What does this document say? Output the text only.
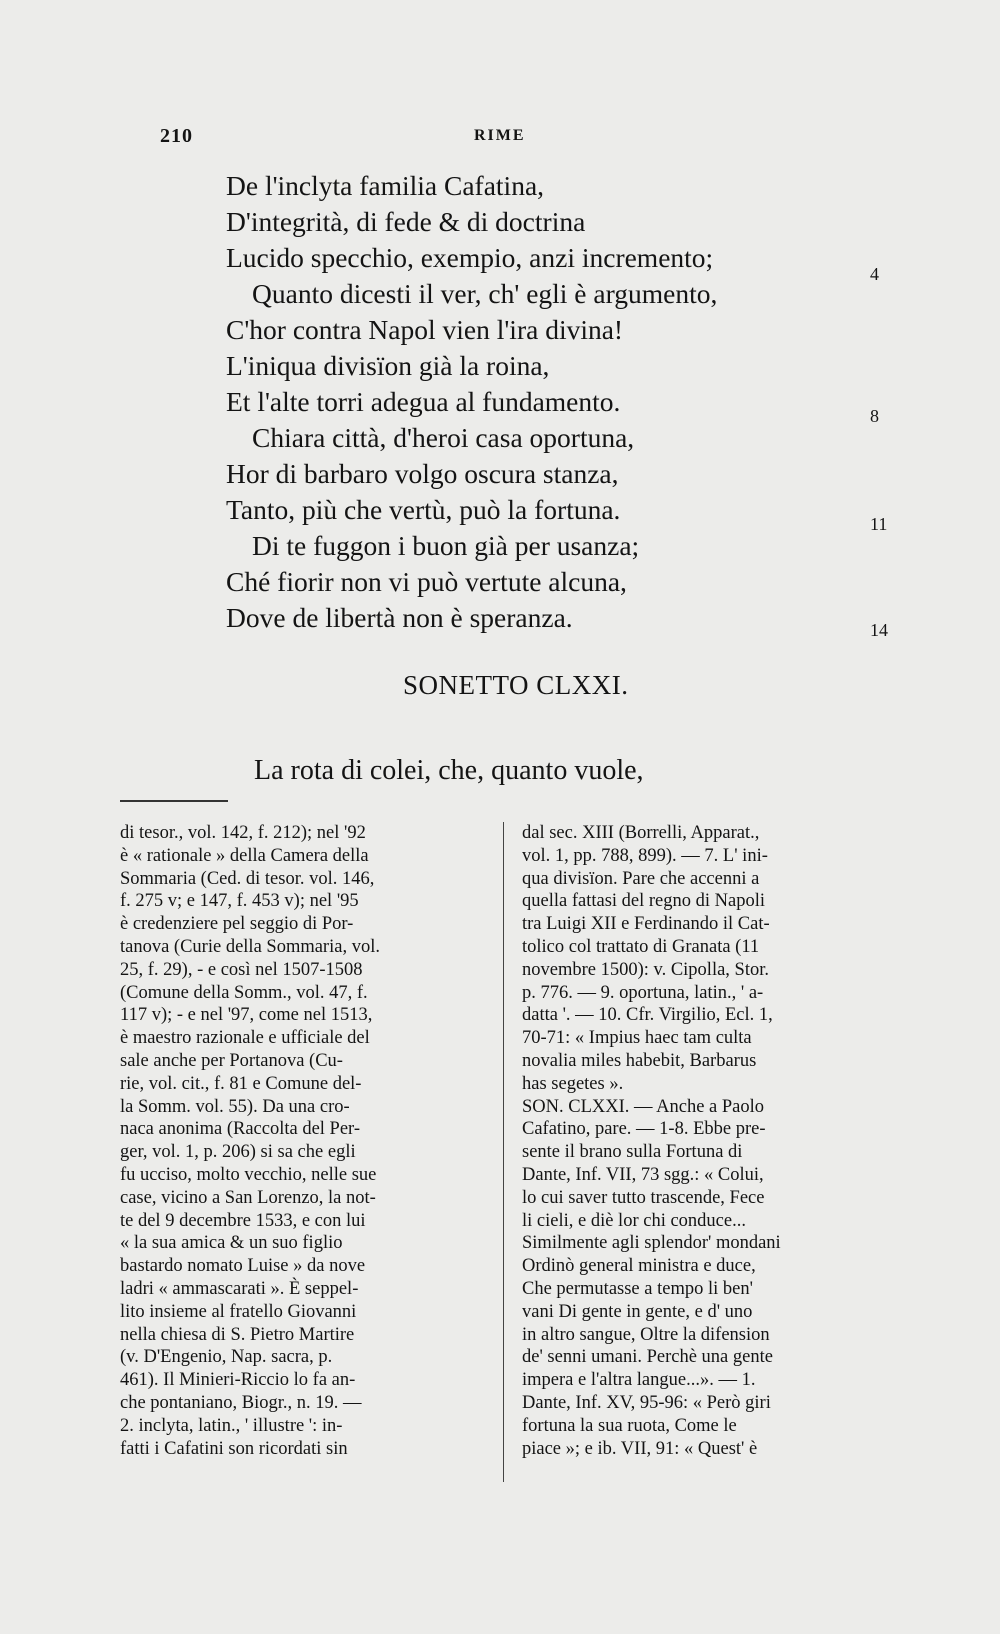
210	RIME
De l'inclyta familia Cafatina,
D'integrità, di fede & di doctrina
Lucido specchio, exempio, anzi incremento;
Quanto dicesti il ver, ch' egli è argumento,
C'hor contra Napol vien l'ira divina!
L'iniqua divisïon già la roina,
Et l'alte torri adegua al fundamento.
Chiara città, d'heroi casa oportuna,
Hor di barbaro volgo oscura stanza,
Tanto, più che vertù, può la fortuna.
Di te fuggon i buon già per usanza;
Ché fiorir non vi può vertute alcuna,
Dove de libertà non è speranza.
4
8
11
14
SONETTO CLXXI.
La rota di colei, che, quanto vuole,
di tesor., vol. 142, f. 212); nel '92
è « rationale » della Camera della
Sommaria (Ced. di tesor. vol. 146,
f. 275 v; e 147, f. 453 v); nel '95
è credenziere pel seggio di Por-
tanova (Curie della Sommaria, vol.
25, f. 29), - e così nel 1507-1508
(Comune della Somm., vol. 47, f.
117 v); - e nel '97, come nel 1513,
è maestro razionale e ufficiale del
sale anche per Portanova (Cu-
rie, vol. cit., f. 81 e Comune del-
la Somm. vol. 55). Da una cro-
naca anonima (Raccolta del Per-
ger, vol. 1, p. 206) si sa che egli
fu ucciso, molto vecchio, nelle sue
case, vicino a San Lorenzo, la not-
te del 9 decembre 1533, e con lui
« la sua amica & un suo figlio
bastardo nomato Luise » da nove
ladri « ammascarati ». È seppel-
lito insieme al fratello Giovanni
nella chiesa di S. Pietro Martire
(v. D'Engenio, Nap. sacra, p.
461). Il Minieri-Riccio lo fa an-
che pontaniano, Biogr., n. 19. —
2. inclyta, latin., ' illustre ': in-
fatti i Cafatini son ricordati sin
dal sec. XIII (Borrelli, Apparat.,
vol. 1, pp. 788, 899). — 7. L' ini-
qua divisïon. Pare che accenni a
quella fattasi del regno di Napoli
tra Luigi XII e Ferdinando il Cat-
tolico col trattato di Granata (11
novembre 1500): v. Cipolla, Stor.
p. 776. — 9. oportuna, latin., ' a-
datta '. — 10. Cfr. Virgilio, Ecl. 1,
70-71: « Impius haec tam culta
novalia miles habebit, Barbarus
has segetes ».
SON. CLXXI. — Anche a Paolo
Cafatino, pare. — 1-8. Ebbe pre-
sente il brano sulla Fortuna di
Dante, Inf. VII, 73 sgg.: « Colui,
lo cui saver tutto trascende, Fece
li cieli, e diè lor chi conduce...
Similmente agli splendor' mondani
Ordinò general ministra e duce,
Che permutasse a tempo li ben'
vani Di gente in gente, e d' uno
in altro sangue, Oltre la difension
de' senni umani. Perchè una gente
impera e l'altra langue...». — 1.
Dante, Inf. XV, 95-96: « Però giri
fortuna la sua ruota, Come le
piace »; e ib. VII, 91: « Quest' è
